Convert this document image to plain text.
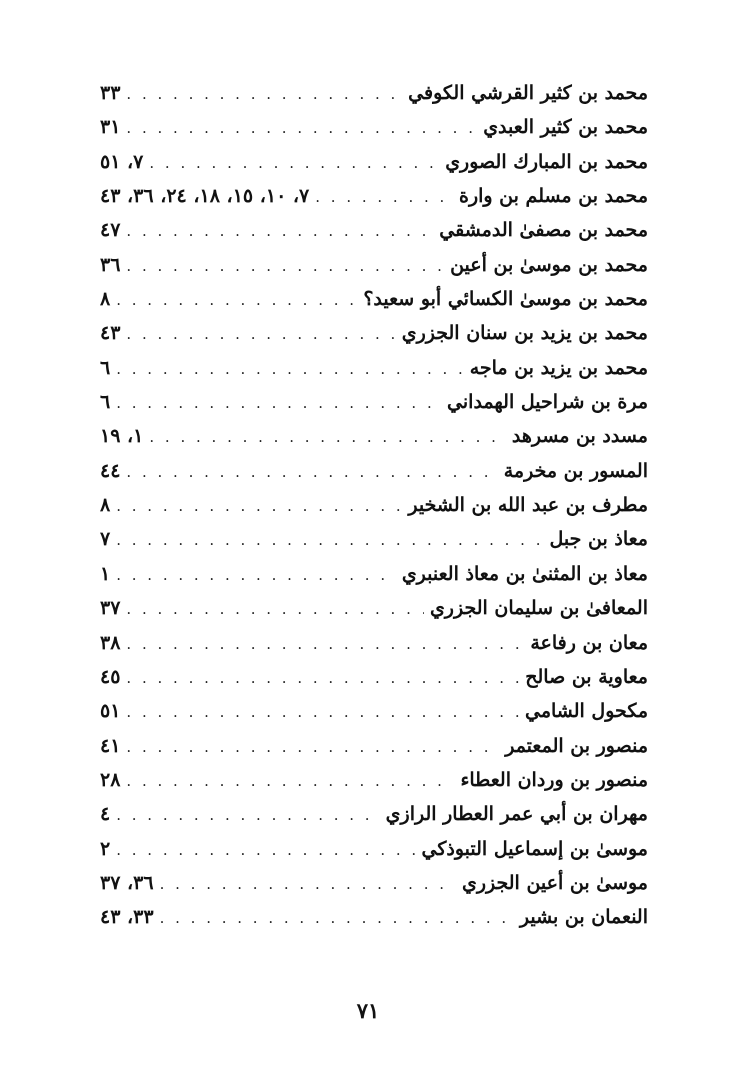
محمد بن كثير القرشي الكوفي
. . .
٣٣
محمد بن كثير العبدي
. . .
٣١
محمد بن المبارك الصوري
. . .
٧، ٥١
محمد بن مسلم بن وارة
. . .
٧، ١٠، ١٥، ١٨، ٢٤، ٣٦، ٤٣
محمد بن مصفىٰ الدمشقي
. . .
٤٧
محمد بن موسىٰ بن أعين
. . .
٣٦
محمد بن موسىٰ الكسائي أبو سعيد؟
. . .
٨
محمد بن يزيد بن سنان الجزري
. . .
٤٣
محمد بن يزيد بن ماجه
. . .
٦
مرة بن شراحيل الهمداني
. . .
٦
مسدد بن مسرهد
. . .
١، ١٩
المسور بن مخرمة
. . .
٤٤
مطرف بن عبد الله بن الشخير
. . .
٨
معاذ بن جبل
. . .
٧
معاذ بن المثنىٰ بن معاذ العنبري
. . .
١
المعافىٰ بن سليمان الجزري
. . .
٣٧
معان بن رفاعة
. . .
٣٨
معاوية بن صالح
. . .
٤٥
مكحول الشامي
. . .
٥١
منصور بن المعتمر
. . .
٤١
منصور بن وردان العطاء
. . .
٢٨
مهران بن أبي عمر العطار الرازي
. . .
٤
موسىٰ بن إسماعيل التبوذكي
. . .
٢
موسىٰ بن أعين الجزري
. . .
٣٦، ٣٧
النعمان بن بشير
. . .
٣٣، ٤٣
٧١
